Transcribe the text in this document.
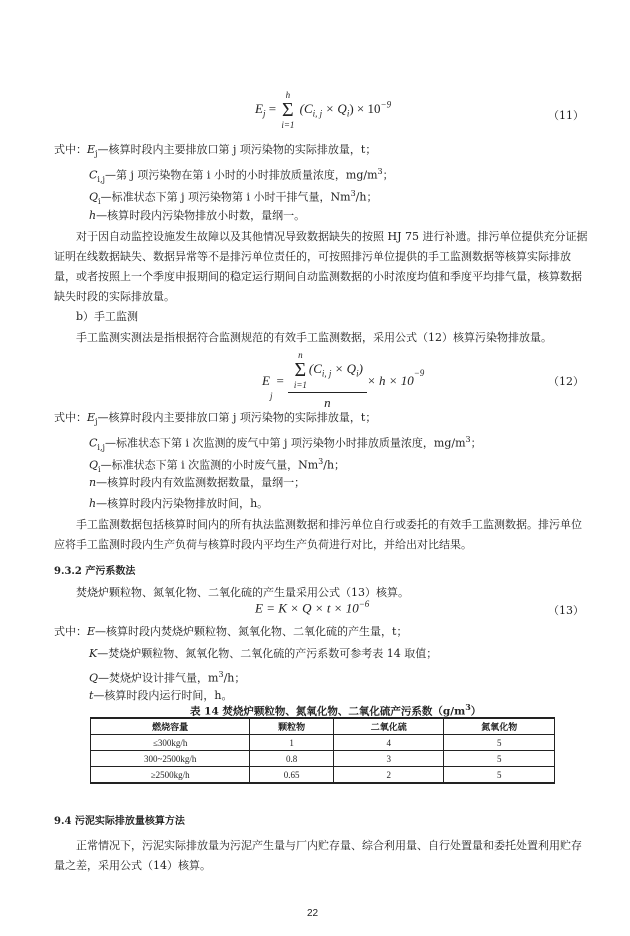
$E_j$ =
h
Σ
i=1
$(C_{i, j} \times Q_i) \times 10^{-9}$
（11）
式中：$E_j—$核算时段内主要排放口第 j 项污染物的实际排放量，t；
$C_{i,j}—$第 j 项污染物在第 i 小时的小时排放质量浓度，$mg/m^3$；
$Q_i—$标准状态下第 j 项污染物第 i 小时干排气量，Nm$^3$/h；
h—核算时段内污染物排放小时数，量纲一。
对于因自动监控设施发生故障以及其他情况导致数据缺失的按照 HJ 75 进行补遗。排污单位提供充分证据证明在线数据缺失、数据异常等不是排污单位责任的，可按照排污单位提供的手工监测数据等核算实际排放量，或者按照上一个季度申报期间的稳定运行期间自动监测数据的小时浓度均值和季度平均排气量，核算数据缺失时段的实际排放量。
b）手工监测
手工监测实测法是指根据符合监测规范的有效手工监测数据，采用公式（12）核算污染物排放量。
E
j
= n
Σ
i=1
$(C_{i, j} \times Q_i)$
$n \times h \times 10^{-9}$
（12）
式中：$E_j—$核算时段内主要排放口第 j 项污染物的实际排放量，t；
$C_{i,j}—$标准状态下第 i 次监测的废气中第 j 项污染物小时排放质量浓度，$mg/m^3$；
$Q_i—$标准状态下第 i 次监测的小时废气量，Nm$^3$/h；
n—核算时段内有效监测数据数量，量纲一；
h—核算时段内污染物排放时间，h。
手工监测数据包括核算时间内的所有执法监测数据和排污单位自行或委托的有效手工监测数据。排污单位应将手工监测时段内生产负荷与核算时段内平均生产负荷进行对比，并给出对比结果。
9.3.2 产污系数法
焚烧炉颗粒物、氮氧化物、二氧化硫的产生量采用公式（13）核算。
$E = K \times Q \times t \times 10^{-6}$	（13）
式中：E—核算时段内焚烧炉颗粒物、氮氧化物、二氧化硫的产生量，t；
K—焚烧炉颗粒物、氮氧化物、二氧化硫的产污系数可参考表 14 取值；
Q—焚烧炉设计排气量，$m^3/h$；
t—核算时段内运行时间，h。
表 14 焚烧炉颗粒物、氮氧化物、二氧化硫产污系数$(g/m^3)$
燃烧容量	颗粒物	二氧化硫	氮氧化物
≤300kg/h	1	4	5
300~2500kg/h	0.8	3	5
≥2500kg/h	0.65	2	5
9.4 污泥实际排放量核算方法
正常情况下，污泥实际排放量为污泥产生量与厂内贮存量、综合利用量、自行处置量和委托处置利用贮存量之差，采用公式（14）核算。
22
